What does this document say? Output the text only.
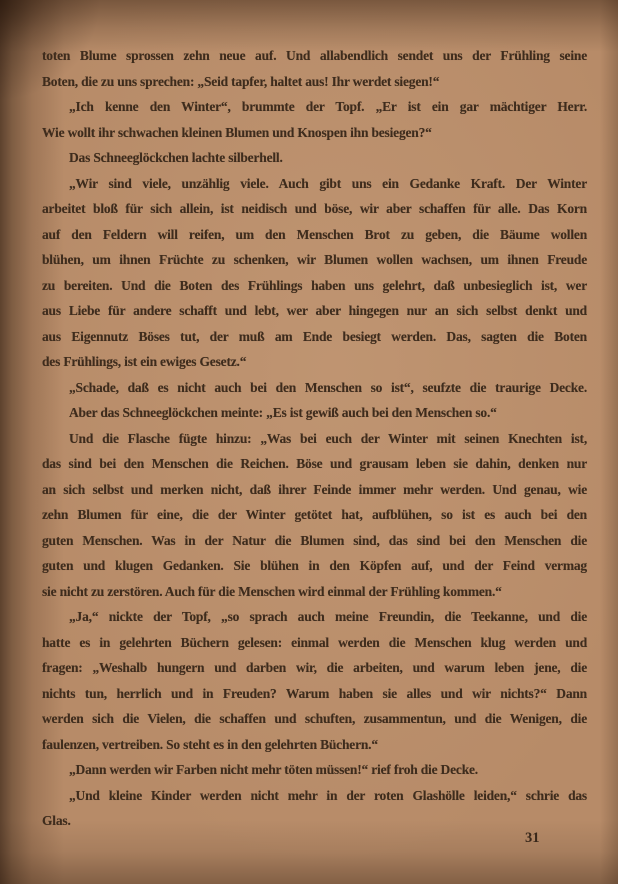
toten Blume sprossen zehn neue auf. Und allabendlich sendet uns der Frühling seine
Boten, die zu uns sprechen: „Seid tapfer, haltet aus! Ihr werdet siegen!“
„Ich kenne den Winter“, brummte der Topf. „Er ist ein gar mächtiger Herr.
Wie wollt ihr schwachen kleinen Blumen und Knospen ihn besiegen?“
Das Schneeglöckchen lachte silberhell.
„Wir sind viele, unzählig viele. Auch gibt uns ein Gedanke Kraft. Der Winter
arbeitet bloß für sich allein, ist neidisch und böse, wir aber schaffen für alle. Das Korn
auf den Feldern will reifen, um den Menschen Brot zu geben, die Bäume wollen
blühen, um ihnen Früchte zu schenken, wir Blumen wollen wachsen, um ihnen Freude
zu bereiten. Und die Boten des Frühlings haben uns gelehrt, daß unbesieglich ist, wer
aus Liebe für andere schafft und lebt, wer aber hingegen nur an sich selbst denkt und
aus Eigennutz Böses tut, der muß am Ende besiegt werden. Das, sagten die Boten
des Frühlings, ist ein ewiges Gesetz.“
„Schade, daß es nicht auch bei den Menschen so ist“, seufzte die traurige Decke.
Aber das Schneeglöckchen meinte: „Es ist gewiß auch bei den Menschen so.“
Und die Flasche fügte hinzu: „Was bei euch der Winter mit seinen Knechten ist,
das sind bei den Menschen die Reichen. Böse und grausam leben sie dahin, denken nur
an sich selbst und merken nicht, daß ihrer Feinde immer mehr werden. Und genau, wie
zehn Blumen für eine, die der Winter getötet hat, aufblühen, so ist es auch bei den
guten Menschen. Was in der Natur die Blumen sind, das sind bei den Menschen die
guten und klugen Gedanken. Sie blühen in den Köpfen auf, und der Feind vermag
sie nicht zu zerstören. Auch für die Menschen wird einmal der Frühling kommen.“
„Ja,“ nickte der Topf, „so sprach auch meine Freundin, die Teekanne, und die
hatte es in gelehrten Büchern gelesen: einmal werden die Menschen klug werden und
fragen: „Weshalb hungern und darben wir, die arbeiten, und warum leben jene, die
nichts tun, herrlich und in Freuden? Warum haben sie alles und wir nichts?“ Dann
werden sich die Vielen, die schaffen und schuften, zusammentun, und die Wenigen, die
faulenzen, vertreiben. So steht es in den gelehrten Büchern.“
„Dann werden wir Farben nicht mehr töten müssen!“ rief froh die Decke.
„Und kleine Kinder werden nicht mehr in der roten Glashölle leiden,“ schrie das
Glas.
31
